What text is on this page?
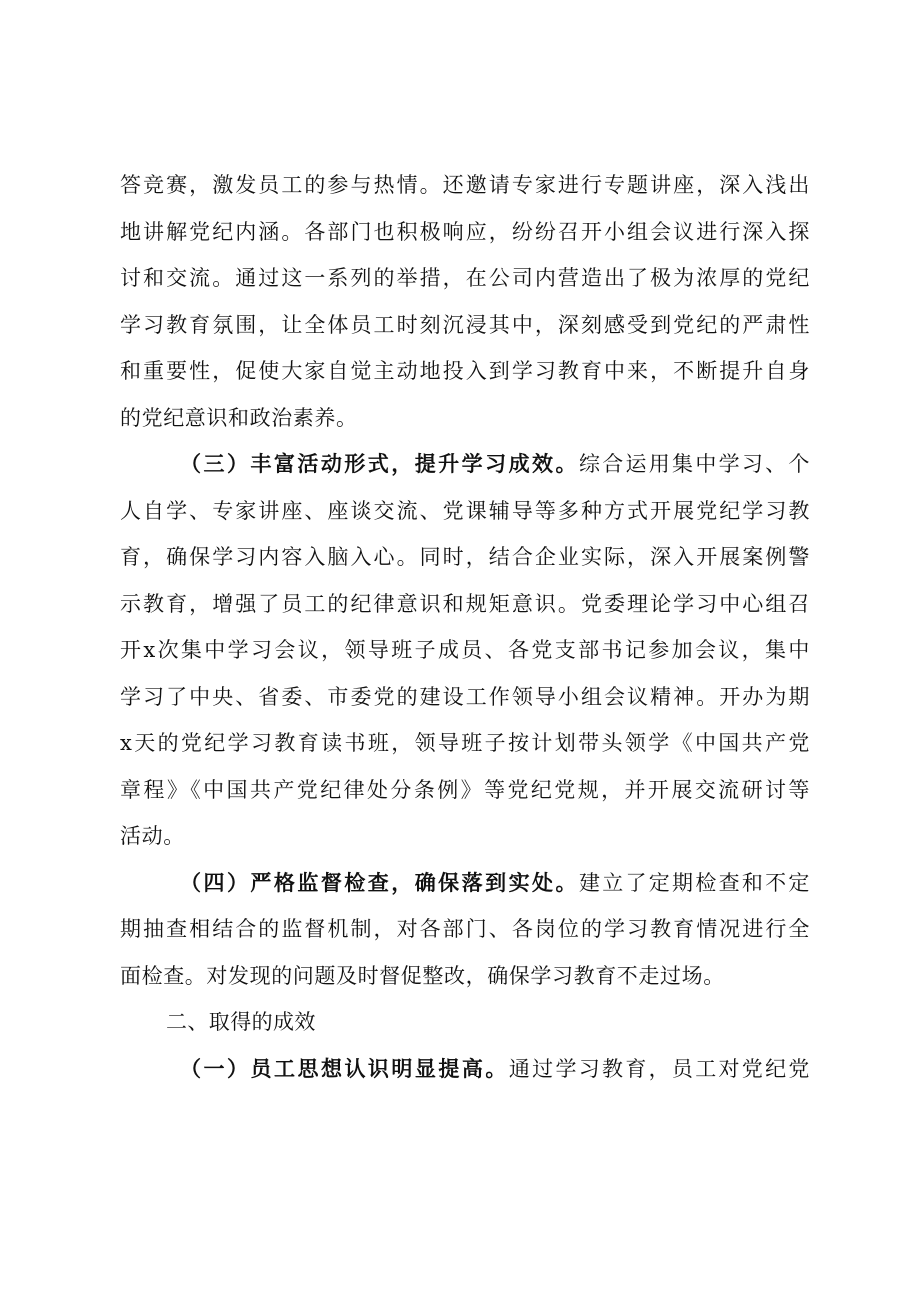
答竞赛，激发员工的参与热情。还邀请专家进行专题讲座，深入浅出
地讲解党纪内涵。各部门也积极响应，纷纷召开小组会议进行深入探
讨和交流。通过这一系列的举措，在公司内营造出了极为浓厚的党纪
学习教育氛围，让全体员工时刻沉浸其中，深刻感受到党纪的严肃性
和重要性，促使大家自觉主动地投入到学习教育中来，不断提升自身
的党纪意识和政治素养。
（三）丰富活动形式，提升学习成效。综合运用集中学习、个
人自学、专家讲座、座谈交流、党课辅导等多种方式开展党纪学习教
育，确保学习内容入脑入心。同时，结合企业实际，深入开展案例警
示教育，增强了员工的纪律意识和规矩意识。党委理论学习中心组召
开x次集中学习会议，领导班子成员、各党支部书记参加会议，集中
学习了中央、省委、市委党的建设工作领导小组会议精神。开办为期
x天的党纪学习教育读书班，领导班子按计划带头领学《中国共产党
章程》《中国共产党纪律处分条例》等党纪党规，并开展交流研讨等
活动。
（四）严格监督检查，确保落到实处。建立了定期检查和不定
期抽查相结合的监督机制，对各部门、各岗位的学习教育情况进行全
面检查。对发现的问题及时督促整改，确保学习教育不走过场。
二、取得的成效
（一）员工思想认识明显提高。通过学习教育，员工对党纪党
